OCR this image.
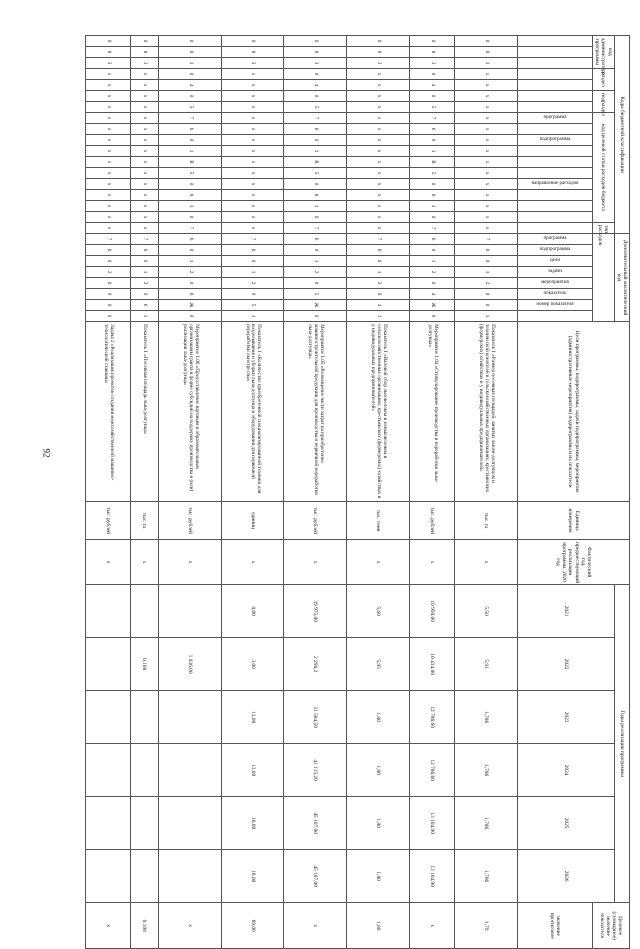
92
Коды бюджетной классификации																		Дополнительный аналитический код								Цели программы, подпрограммы, задачи подпрограммы, мероприятия (административные мероприятия) подпрограммы и их показатели	Единица измерения	Фактический год, предшествующий реализации программы, 2020 год	Годы реализации программы						Целевое (суммарное) значение показателя
код администратора программы			раздел		подраздел		код целевой статьи расходов бюджета										тип расходов												2021	2022	2023	2024	2025	2026	

							программа		подпрограмма				направление расходов					программа	подпрограмма	цели	задачи	мероприятия	показатель	номер показателя											значение прогнозное
0	8	3	х	х	х	х	х	х	х	х	х	х	х	х	х	х	х	7	6	0	1	2	0	0	1	Показатель 1 «Размер посевных площадей, занятых льном-долгунцом и технической коноплей в сельскохозяйственных организациях, крестьянских (фермерских) хозяйствах и у индивидуальных предпринимателей»	тыс. га	х	5,50	5,91	1,786	1,786	1,786	1,786	1,79
0	8	3	0	4	0	5	7	6	0	1	R	5	0	8	1	0	7	6	0	1	2	0	4	Ж	0	Мероприятие 1.04 «Стимулирование производства и переработки льна-долгунца»	тыс. рублей	х	10 950,00	10 434,80	12 786,60	12 786,60	13 104,90	13 104,90	х
0	8	3	х	х	х	х	х	х	х	х	х	х	х	х	х	х	х	7	6	0	1	2	0	4	1	Показатель 1 «Валовой сбор льноволокна и пеньковолокна в сельскохозяйственных организациях, крестьянских (фермерских) хозяйствах и у индивидуальных предпринимателей»	тыс. тонн	х	5,60	5,95	1,80	1,80	1,80	1,80	1,80
0	8	3	0	4	0	5	7	6	0	1	R	5	0	8	1	0	7	6	0	1	2	0	5	Ж	0	Мероприятие 1.05 «Возмещение части затрат на приобретение машиностроительной продукции для производства и первичной переработки льна-долгунца»	тыс. рублей	х	39 975,00	2 298,2	31 584,50	41 115,20	45 107,00	45 107,00	х
0	8	3	х	х	х	х	х	х	х	х	х	х	х	х	х	х	х	7	6	0	1	2	0	5	1	Показатель 1 «Количество приобретенной специализированной техники для возделывания и уборки льна-долгунца и оборудования для первичной переработки льнотресты»	единиц	х	8,00	3,00	13,00	13,00	16,00	16,00	69,00
0	8	3	0	4	0	5	7	6	0	1	R	5	0	8	1	0	7	6	0	1	2	0	6	Ж	0	Мероприятие 1.06 «Предоставление научным и образовательным организациям гранта в форме субсидий на поддержку производства и (или) реализации льна-долгунца»	тыс. рублей	х		1 836,00					х
0	8	3	х	х	х	х	х	х	х	х	х	х	х	х	х	х	х	7	6	0	1	2	0	6	1	Показатель 1 «Посевная площадь льна-долгунца»	тыс. га	х		0,108					0,108
0	8	3	х	х	х	х	х	х	х	х	х	х	х	х	х	х	х	7	6	0	2	0	0	0	0	Задача 2 «Реализация проектов создания межхозяйственной машинно-технологической станции»	тыс. рублей	х							х
